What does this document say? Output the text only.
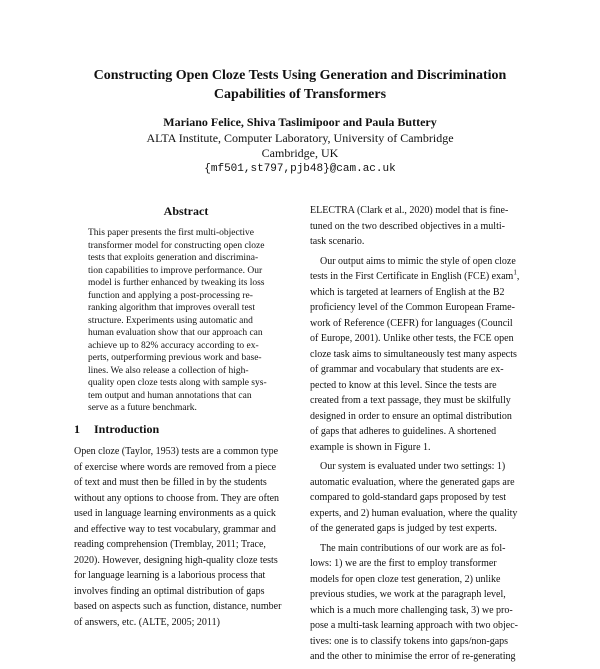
Constructing Open Cloze Tests Using Generation and Discrimination
Capabilities of Transformers
Mariano Felice, Shiva Taslimipoor and Paula Buttery
ALTA Institute, Computer Laboratory, University of Cambridge
Cambridge, UK
{mf501,st797,pjb48}@cam.ac.uk
Abstract
This paper presents the first multi-objective
transformer model for constructing open cloze
tests that exploits generation and discrimina-
tion capabilities to improve performance. Our
model is further enhanced by tweaking its loss
function and applying a post-processing re-
ranking algorithm that improves overall test
structure. Experiments using automatic and
human evaluation show that our approach can
achieve up to 82% accuracy according to ex-
perts, outperforming previous work and base-
lines. We also release a collection of high-
quality open cloze tests along with sample sys-
tem output and human annotations that can
serve as a future benchmark.
1 Introduction
Open cloze (Taylor, 1953) tests are a common type
of exercise where words are removed from a piece
of text and must then be filled in by the students
without any options to choose from. They are often
used in language learning environments as a quick
and effective way to test vocabulary, grammar and
reading comprehension (Tremblay, 2011; Trace,
2020). However, designing high-quality cloze tests
for language learning is a laborious process that
involves finding an optimal distribution of gaps
based on aspects such as function, distance, number
of answers, etc. (ALTE, 2005; 2011)
ELECTRA (Clark et al., 2020) model that is fine-
tuned on the two described objectives in a multi-
task scenario.
Our output aims to mimic the style of open cloze
tests in the First Certificate in English (FCE) exam$^1$,
which is targeted at learners of English at the B2
proficiency level of the Common European Frame-
work of Reference (CEFR) for languages (Council
of Europe, 2001). Unlike other tests, the FCE open
cloze task aims to simultaneously test many aspects
of grammar and vocabulary that students are ex-
pected to know at this level. Since the tests are
created from a text passage, they must be skilfully
designed in order to ensure an optimal distribution
of gaps that adheres to guidelines. A shortened
example is shown in Figure 1.
Our system is evaluated under two settings: 1)
automatic evaluation, where the generated gaps are
compared to gold-standard gaps proposed by test
experts, and 2) human evaluation, where the quality
of the generated gaps is judged by test experts.
The main contributions of our work are as fol-
lows: 1) we are the first to employ transformer
models for open cloze test generation, 2) unlike
previous studies, we work at the paragraph level,
which is a much more challenging task, 3) we pro-
pose a multi-task learning approach with two objec-
tives: one is to classify tokens into gaps/non-gaps
and the other to minimise the error of re-generating
